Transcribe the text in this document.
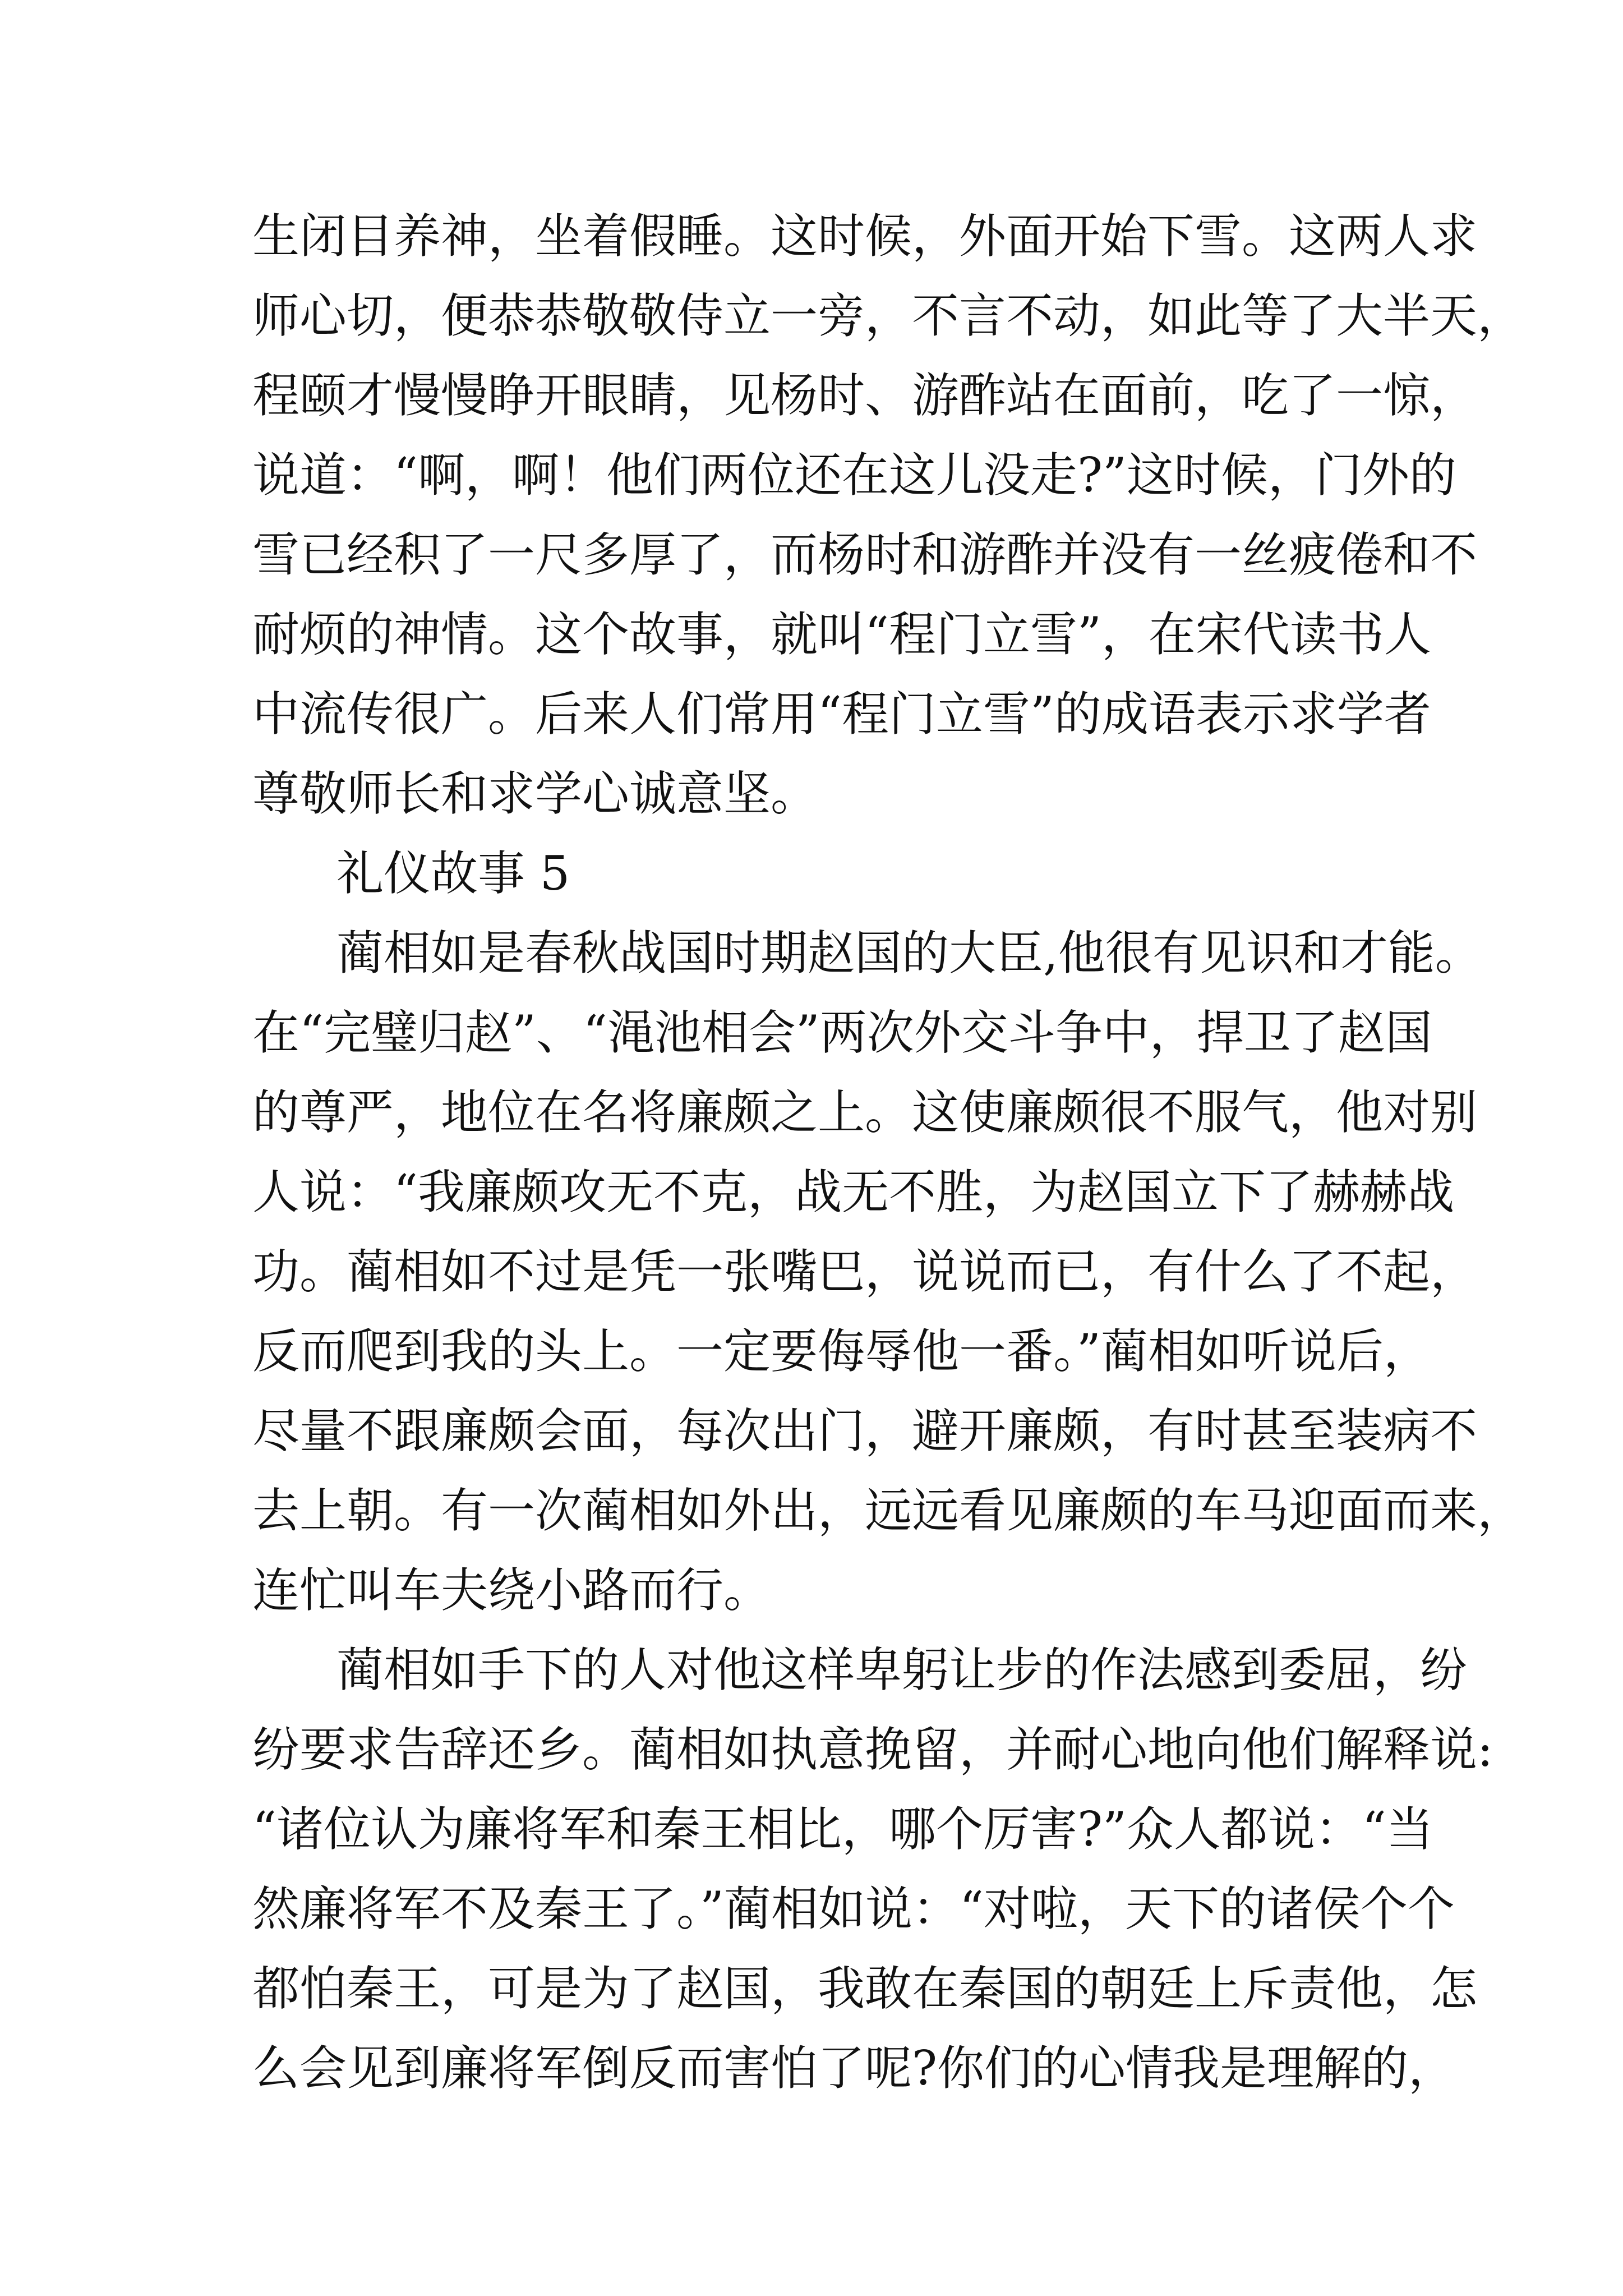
生闭目养神，坐着假睡。这时候，外面开始下雪。这两人求
师心切，便恭恭敬敬侍立一旁，不言不动，如此等了大半天，
程颐才慢慢睁开眼睛，见杨时、游酢站在面前，吃了一惊，
说道：“啊，啊！他们两位还在这儿没走?”这时候，门外的
雪已经积了一尺多厚了，而杨时和游酢并没有一丝疲倦和不
耐烦的神情。这个故事，就叫“程门立雪”，在宋代读书人
中流传很广。后来人们常用“程门立雪”的成语表示求学者
尊敬师长和求学心诚意坚。
礼仪故事 5
蔺相如是春秋战国时期赵国的大臣,他很有见识和才能。
在“完璧归赵”、“渑池相会”两次外交斗争中，捍卫了赵国
的尊严，地位在名将廉颇之上。这使廉颇很不服气，他对别
人说：“我廉颇攻无不克，战无不胜，为赵国立下了赫赫战
功。蔺相如不过是凭一张嘴巴，说说而已，有什么了不起，
反而爬到我的头上。一定要侮辱他一番。”蔺相如听说后，
尽量不跟廉颇会面，每次出门，避开廉颇，有时甚至装病不
去上朝。有一次蔺相如外出，远远看见廉颇的车马迎面而来，
连忙叫车夫绕小路而行。
蔺相如手下的人对他这样卑躬让步的作法感到委屈，纷
纷要求告辞还乡。蔺相如执意挽留，并耐心地向他们解释说:
“诸位认为廉将军和秦王相比，哪个厉害?”众人都说：“当
然廉将军不及秦王了。”蔺相如说：“对啦，天下的诸侯个个
都怕秦王，可是为了赵国，我敢在秦国的朝廷上斥责他，怎
么会见到廉将军倒反而害怕了呢?你们的心情我是理解的，
